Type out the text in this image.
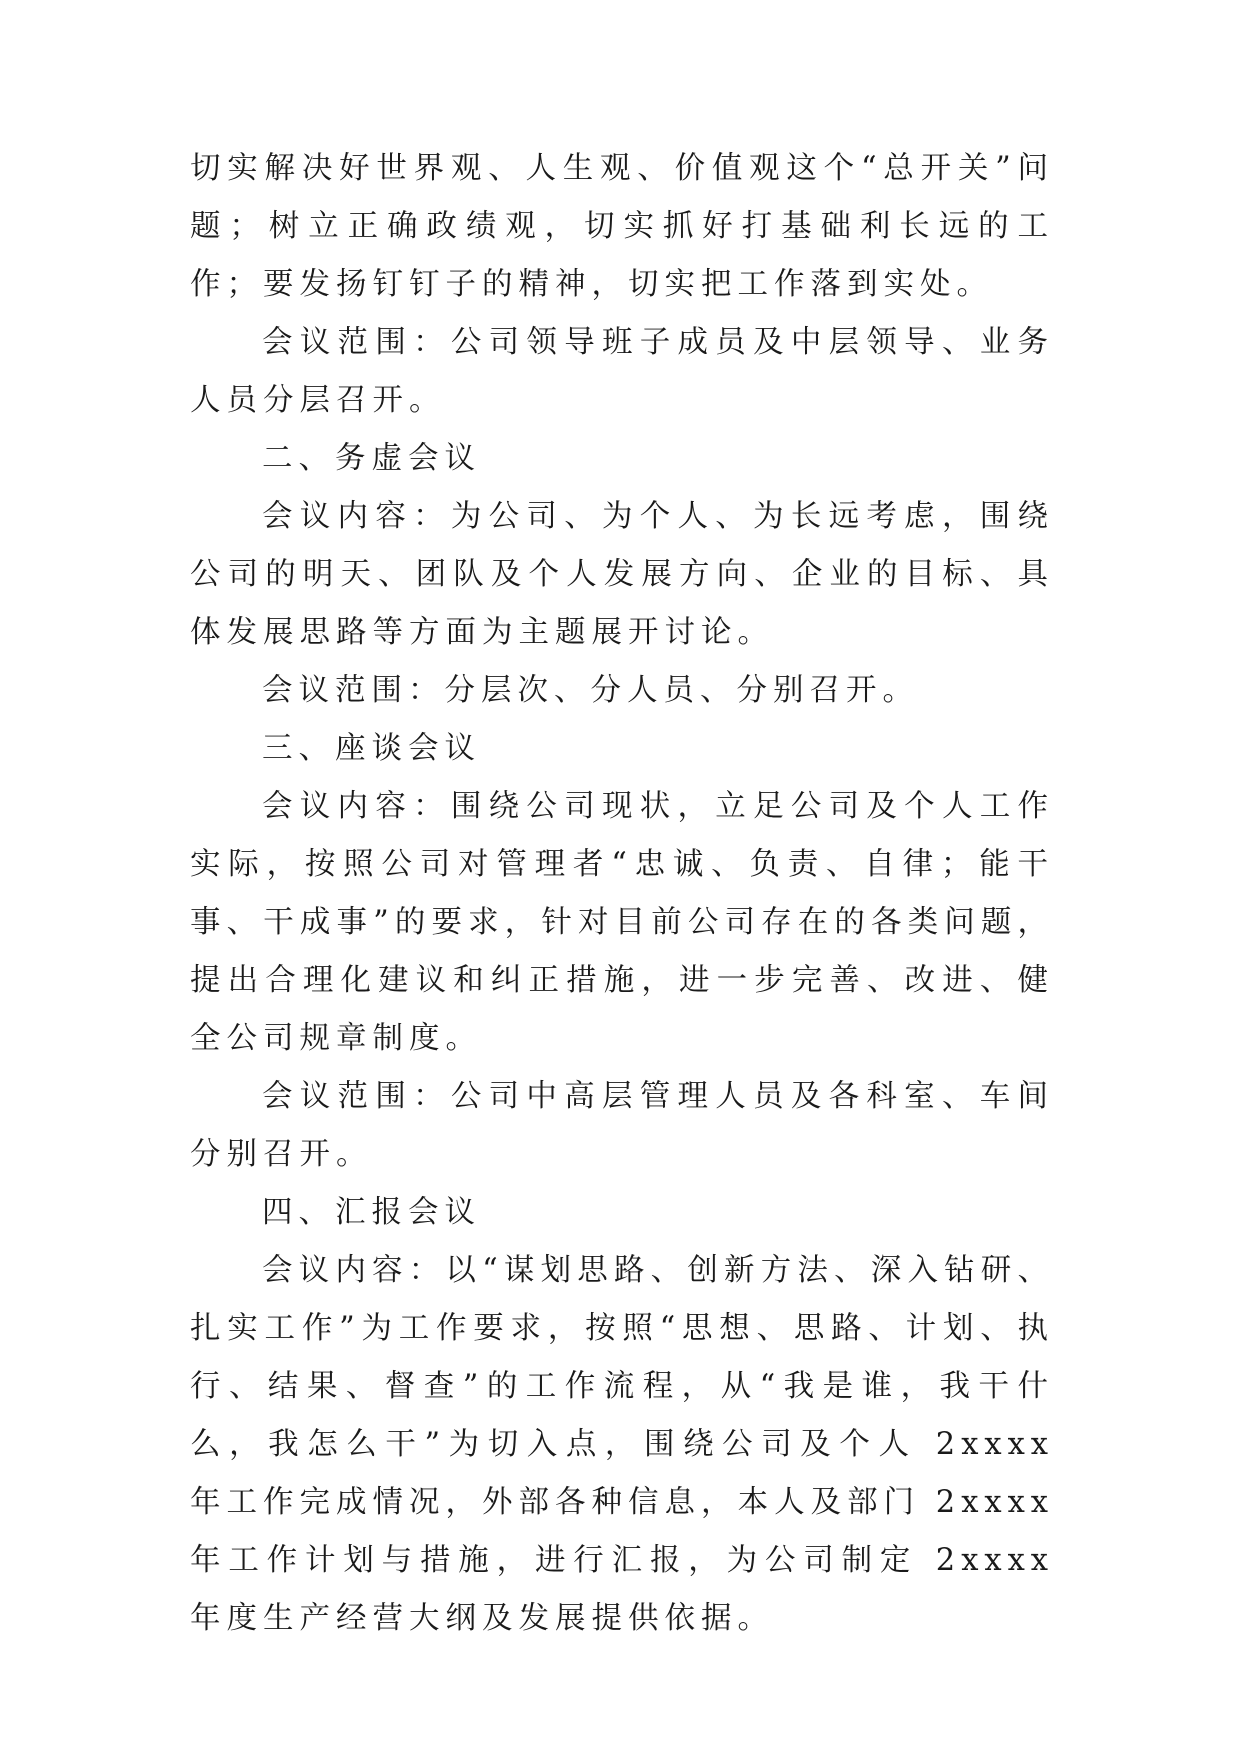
切实解决好世界观、人生观、价值观这个“总开关”问题；树立正确政绩观，切实抓好打基础利长远的工作；要发扬钉钉子的精神，切实把工作落到实处。

会议范围：公司领导班子成员及中层领导、业务人员分层召开。

二、务虚会议

会议内容：为公司、为个人、为长远考虑，围绕公司的明天、团队及个人发展方向、企业的目标、具体发展思路等方面为主题展开讨论。

会议范围：分层次、分人员、分别召开。

三、座谈会议

会议内容：围绕公司现状，立足公司及个人工作实际，按照公司对管理者“忠诚、负责、自律；能干事、干成事”的要求，针对目前公司存在的各类问题，提出合理化建议和纠正措施，进一步完善、改进、健全公司规章制度。

会议范围：公司中高层管理人员及各科室、车间分别召开。

四、汇报会议

会议内容：以“谋划思路、创新方法、深入钻研、扎实工作”为工作要求，按照“思想、思路、计划、执行、结果、督查”的工作流程，从“我是谁，我干什么，我怎么干”为切入点，围绕公司及个人 2xxxx 年工作完成情况，外部各种信息，本人及部门 2xxxx 年工作计划与措施，进行汇报，为公司制定 2xxxx 年度生产经营大纲及发展提供依据。
